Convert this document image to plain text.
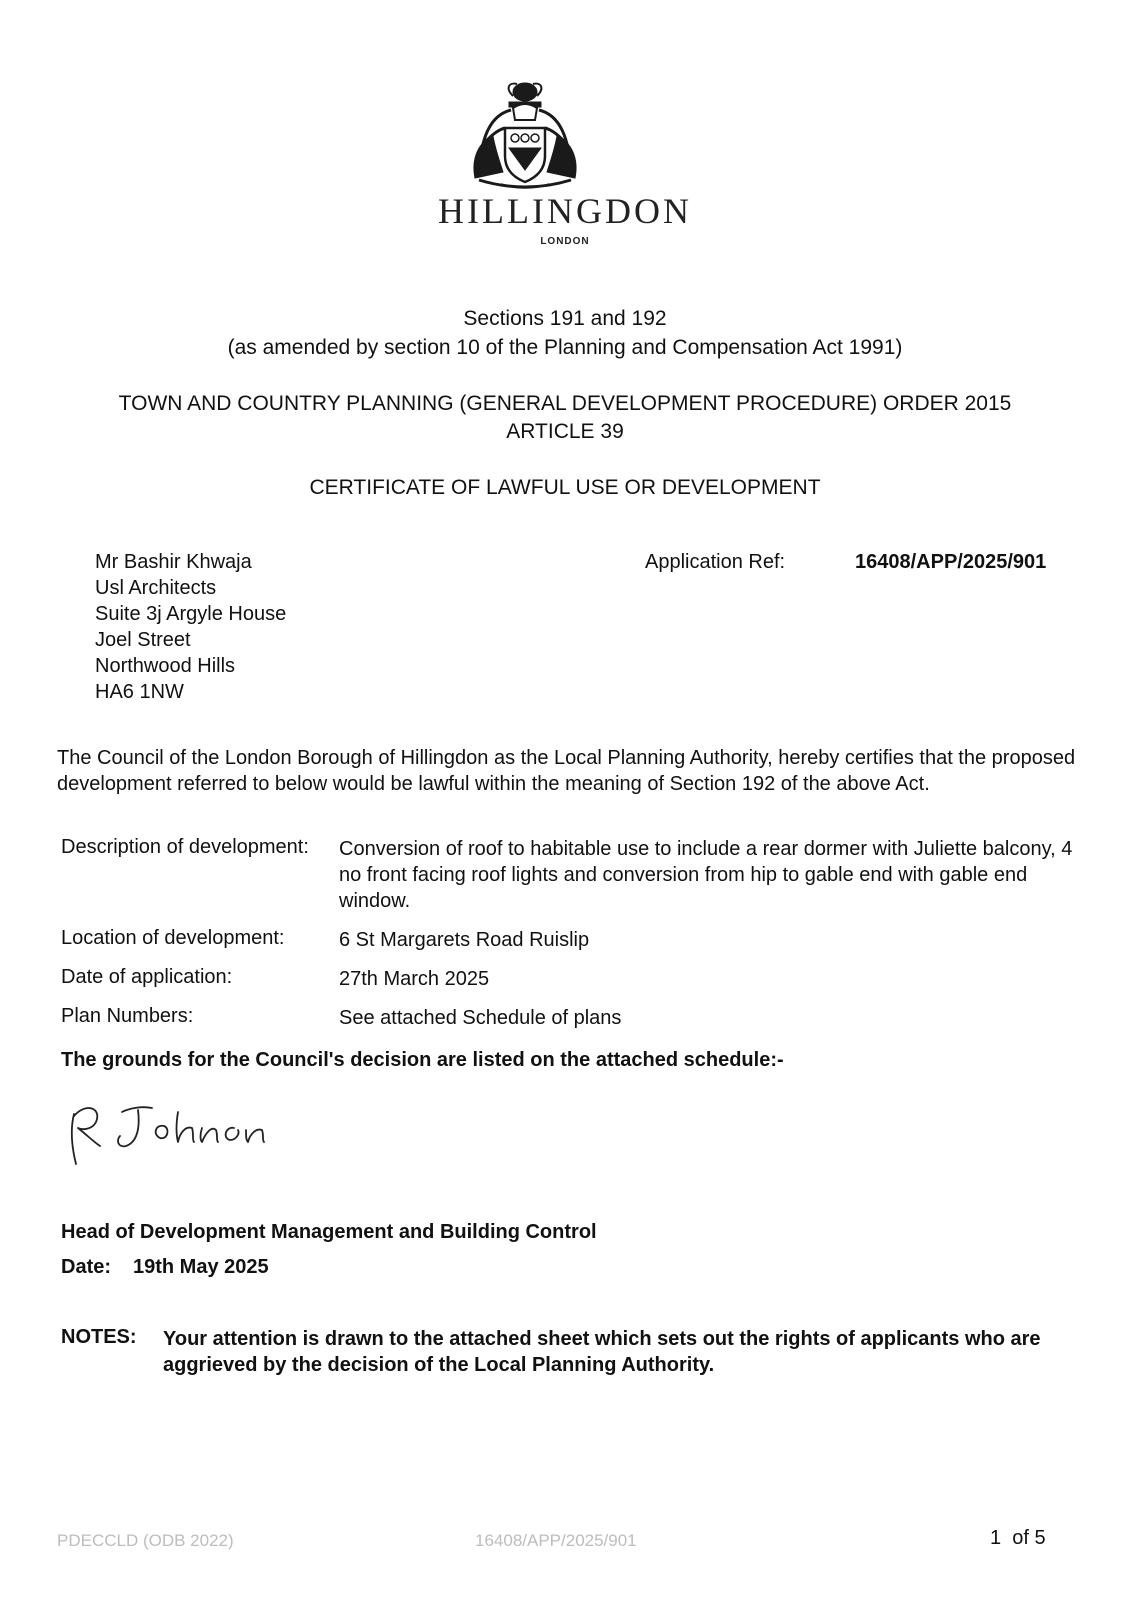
HILLINGDON
LONDON
Sections 191 and 192
(as amended by section 10 of the Planning and Compensation Act 1991)
TOWN AND COUNTRY PLANNING (GENERAL DEVELOPMENT PROCEDURE) ORDER 2015
ARTICLE 39
CERTIFICATE OF LAWFUL USE OR DEVELOPMENT
Mr Bashir Khwaja
Usl Architects
Suite 3j Argyle House
Joel Street
Northwood Hills
HA6 1NW
Application Ref:	16408/APP/2025/901
The Council of the London Borough of Hillingdon as the Local Planning Authority, hereby certifies that the proposed development referred to below would be lawful within the meaning of Section 192 of the above Act.
Description of development: Conversion of roof to habitable use to include a rear dormer with Juliette balcony, 4 no front facing roof lights and conversion from hip to gable end with gable end window.
Location of development:	6 St Margarets Road Ruislip
Date of application:	27th March 2025
Plan Numbers:	See attached Schedule of plans
The grounds for the Council's decision are listed on the attached schedule:-
Head of Development Management and Building Control
Date: 19th May 2025
NOTES: Your attention is drawn to the attached sheet which sets out the rights of applicants who are aggrieved by the decision of the Local Planning Authority.
PDECCLD (ODB 2022)	16408/APP/2025/901	1  of 5
